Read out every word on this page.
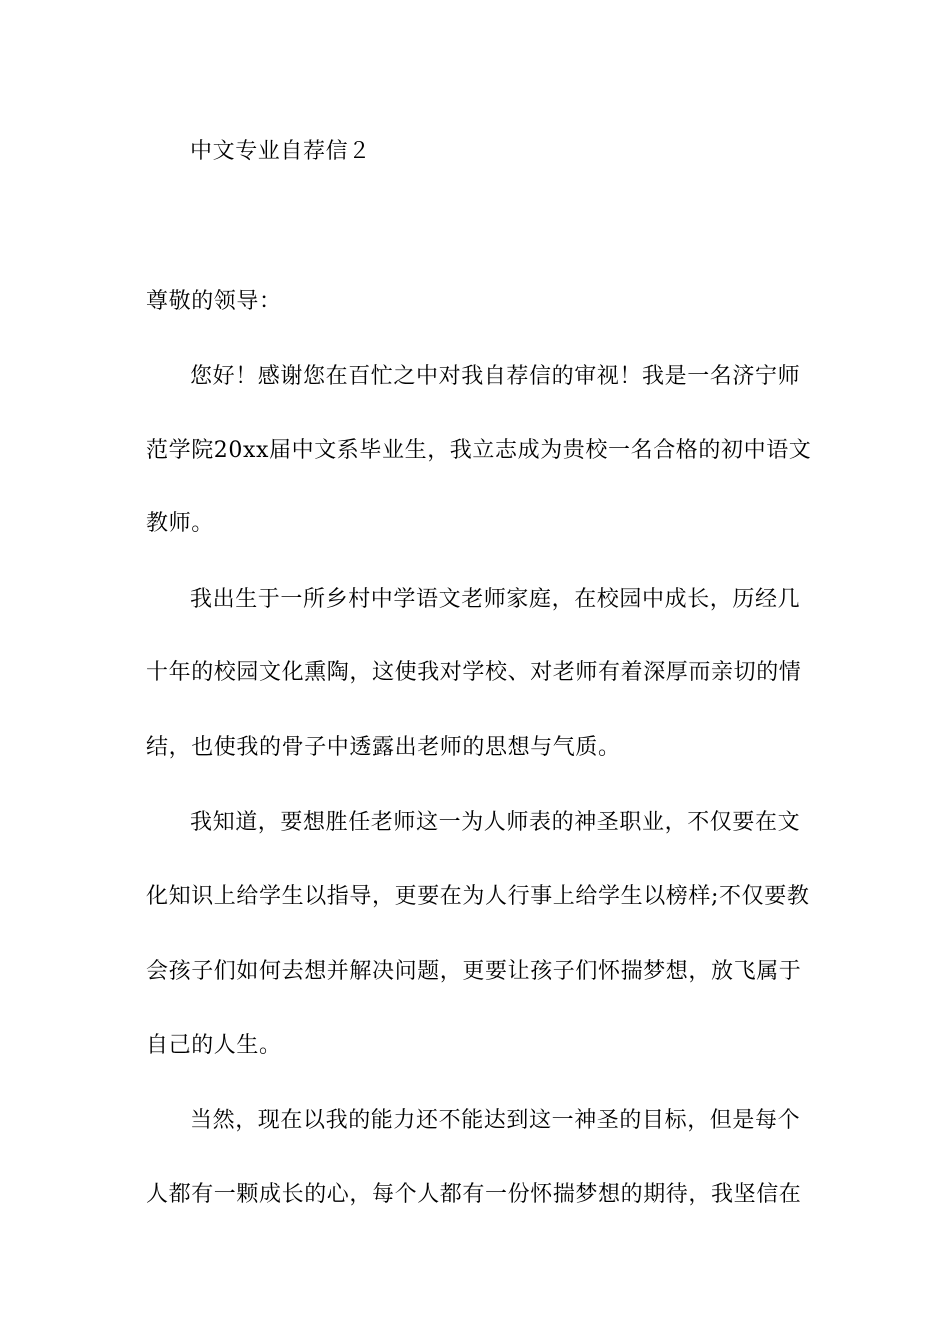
中文专业自荐信２
尊敬的领导：
您好！感谢您在百忙之中对我自荐信的审视！我是一名济宁师
范学院20xx届中文系毕业生，我立志成为贵校一名合格的初中语文
教师。
我出生于一所乡村中学语文老师家庭，在校园中成长，历经几
十年的校园文化熏陶，这使我对学校、对老师有着深厚而亲切的情
结，也使我的骨子中透露出老师的思想与气质。
我知道，要想胜任老师这一为人师表的神圣职业，不仅要在文
化知识上给学生以指导，更要在为人行事上给学生以榜样;不仅要教
会孩子们如何去想并解决问题，更要让孩子们怀揣梦想，放飞属于
自己的人生。
当然，现在以我的能力还不能达到这一神圣的目标，但是每个
人都有一颗成长的心，每个人都有一份怀揣梦想的期待，我坚信在
